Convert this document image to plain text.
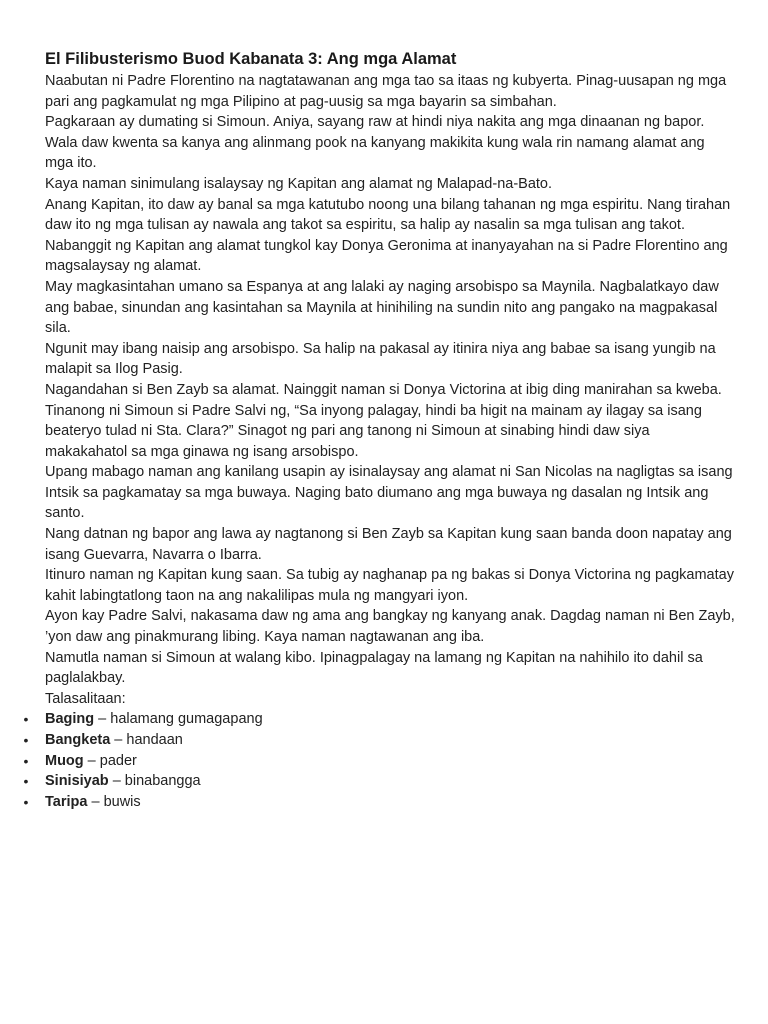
El Filibusterismo Buod Kabanata 3: Ang mga Alamat

Naabutan ni Padre Florentino na nagtatawanan ang mga tao sa itaas ng kubyerta. Pinag-uusapan ng mga pari ang pagkamulat ng mga Pilipino at pag-uusig sa mga bayarin sa simbahan.

Pagkaraan ay dumating si Simoun. Aniya, sayang raw at hindi niya nakita ang mga dinaanan ng bapor. Wala daw kwenta sa kanya ang alinmang pook na kanyang makikita kung wala rin namang alamat ang mga ito.

Kaya naman sinimulang isalaysay ng Kapitan ang alamat ng Malapad-na-Bato.

Anang Kapitan, ito daw ay banal sa mga katutubo noong una bilang tahanan ng mga espiritu. Nang tirahan daw ito ng mga tulisan ay nawala ang takot sa espiritu, sa halip ay nasalin sa mga tulisan ang takot.

Nabanggit ng Kapitan ang alamat tungkol kay Donya Geronima at inanyayahan na si Padre Florentino ang magsalaysay ng alamat.

May magkasintahan umano sa Espanya at ang lalaki ay naging arsobispo sa Maynila. Nagbalatkayo daw ang babae, sinundan ang kasintahan sa Maynila at hinihiling na sundin nito ang pangako na magpakasal sila.

Ngunit may ibang naisip ang arsobispo. Sa halip na pakasal ay itinira niya ang babae sa isang yungib na malapit sa Ilog Pasig.

Nagandahan si Ben Zayb sa alamat. Nainggit naman si Donya Victorina at ibig ding manirahan sa kweba.

Tinanong ni Simoun si Padre Salvi ng, “Sa inyong palagay, hindi ba higit na mainam ay ilagay sa isang beateryo tulad ni Sta. Clara?” Sinagot ng pari ang tanong ni Simoun at sinabing hindi daw siya makakahatol sa mga ginawa ng isang arsobispo.

Upang mabago naman ang kanilang usapin ay isinalaysay ang alamat ni San Nicolas na nagligtas sa isang Intsik sa pagkamatay sa mga buwaya. Naging bato diumano ang mga buwaya ng dasalan ng Intsik ang santo.

Nang datnan ng bapor ang lawa ay nagtanong si Ben Zayb sa Kapitan kung saan banda doon napatay ang isang Guevarra, Navarra o Ibarra.

Itinuro naman ng Kapitan kung saan. Sa tubig ay naghanap pa ng bakas si Donya Victorina ng pagkamatay kahit labingtatlong taon na ang nakalilipas mula ng mangyari iyon.

Ayon kay Padre Salvi, nakasama daw ng ama ang bangkay ng kanyang anak. Dagdag naman ni Ben Zayb, ’yon daw ang pinakmurang libing. Kaya naman nagtawanan ang iba.

Namutla naman si Simoun at walang kibo. Ipinagpalagay na lamang ng Kapitan na nahihilo ito dahil sa paglalakbay.

Talasalitaan:

• Baging – halamang gumagapang
• Bangketa – handaan
• Muog – pader
• Sinisiyab – binabangga
• Taripa – buwis
